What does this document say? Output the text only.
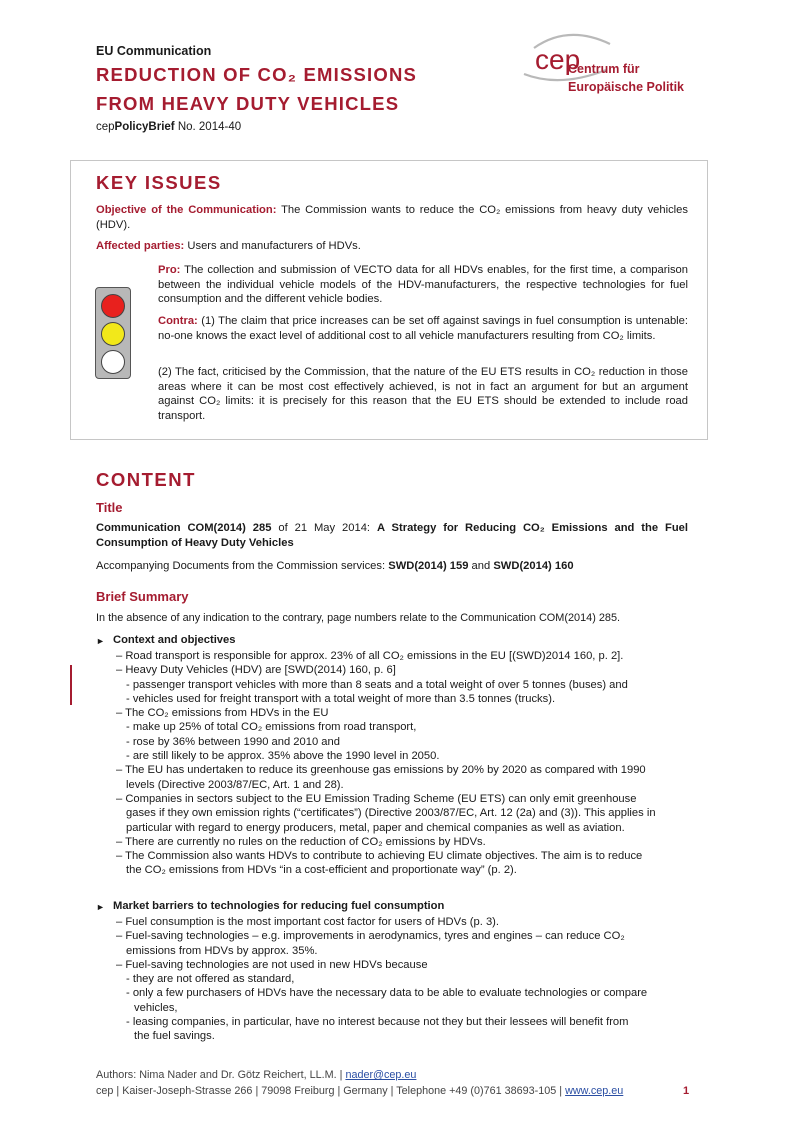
EU Communication
REDUCTION OF CO₂ EMISSIONS
FROM HEAVY DUTY VEHICLES
cepPolicyBrief No. 2014-40
cep
Centrum für
Europäische Politik
KEY ISSUES
Objective of the Communication: The Commission wants to reduce the CO₂ emissions from heavy duty vehicles (HDV).
Affected parties: Users and manufacturers of HDVs.
Pro: The collection and submission of VECTO data for all HDVs enables, for the first time, a comparison between the individual vehicle models of the HDV-manufacturers, the respective technologies for fuel consumption and the different vehicle bodies.
Contra: (1) The claim that price increases can be set off against savings in fuel consumption is untenable: no-one knows the exact level of additional cost to all vehicle manufacturers resulting from CO₂ limits.
(2) The fact, criticised by the Commission, that the nature of the EU ETS results in CO₂ reduction in those areas where it can be most cost effectively achieved, is not in fact an argument for but an argument against CO₂ limits: it is precisely for this reason that the EU ETS should be extended to include road transport.
CONTENT
Title
Communication COM(2014) 285 of 21 May 2014: A Strategy for Reducing CO₂ Emissions and the Fuel Consumption of Heavy Duty Vehicles
Accompanying Documents from the Commission services: SWD(2014) 159 and SWD(2014) 160
Brief Summary
In the absence of any indication to the contrary, page numbers relate to the Communication COM(2014) 285.
► Context and objectives
– Road transport is responsible for approx. 23% of all CO₂ emissions in the EU [(SWD)2014 160, p. 2].
– Heavy Duty Vehicles (HDV) are [SWD(2014) 160, p. 6]
- passenger transport vehicles with more than 8 seats and a total weight of over 5 tonnes (buses) and
- vehicles used for freight transport with a total weight of more than 3.5 tonnes (trucks).
– The CO₂ emissions from HDVs in the EU
- make up 25% of total CO₂ emissions from road transport,
- rose by 36% between 1990 and 2010 and
- are still likely to be approx. 35% above the 1990 level in 2050.
– The EU has undertaken to reduce its greenhouse gas emissions by 20% by 2020 as compared with 1990
levels (Directive 2003/87/EC, Art. 1 and 28).
– Companies in sectors subject to the EU Emission Trading Scheme (EU ETS) can only emit greenhouse
gases if they own emission rights (“certificates”) (Directive 2003/87/EC, Art. 12 (2a) and (3)). This applies in
particular with regard to energy producers, metal, paper and chemical companies as well as aviation.
– There are currently no rules on the reduction of CO₂ emissions by HDVs.
– The Commission also wants HDVs to contribute to achieving EU climate objectives. The aim is to reduce
the CO₂ emissions from HDVs “in a cost-efficient and proportionate way” (p. 2).
► Market barriers to technologies for reducing fuel consumption
– Fuel consumption is the most important cost factor for users of HDVs (p. 3).
– Fuel-saving technologies – e.g. improvements in aerodynamics, tyres and engines – can reduce CO₂
emissions from HDVs by approx. 35%.
– Fuel-saving technologies are not used in new HDVs because
- they are not offered as standard,
- only a few purchasers of HDVs have the necessary data to be able to evaluate technologies or compare
vehicles,
- leasing companies, in particular, have no interest because not they but their lessees will benefit from
the fuel savings.
Authors: Nima Nader and Dr. Götz Reichert, LL.M. | nader@cep.eu
cep | Kaiser-Joseph-Strasse 266 | 79098 Freiburg | Germany | Telephone +49 (0)761 38693-105 | www.cep.eu	1
